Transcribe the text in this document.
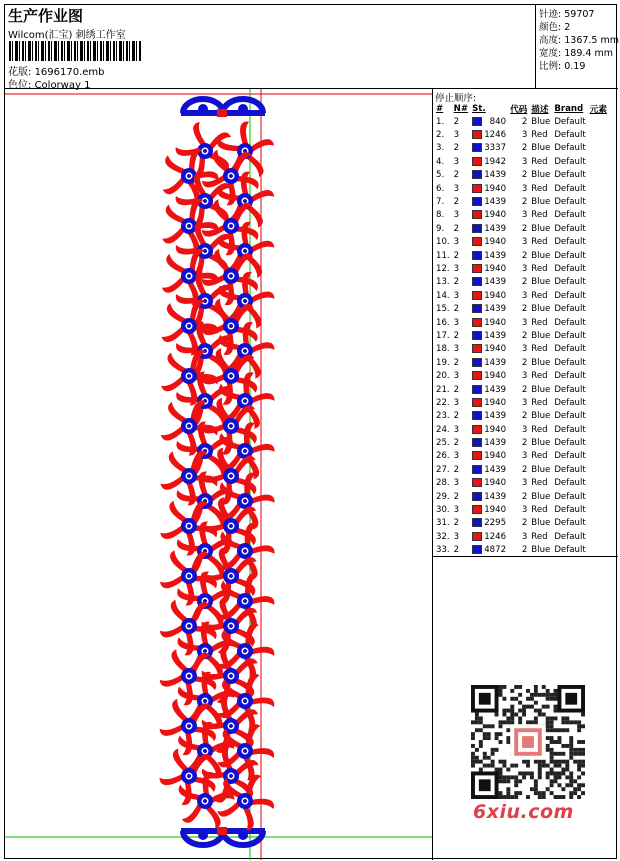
生产作业图
Wilcom(汇宝) 刺绣工作室
花版: 1696170.emb
色位: Colorway 1
针迹: 59707
颜色: 2
高度: 1367.5 mm
宽度: 189.4 mm
比例: 0.19
停止顺序:
#	N#	St.	代码	描述	Brand	元素
1.	2	840	2	Blue	Default	
2.	3	1246	3	Red	Default	
3.	2	3337	2	Blue	Default	
4.	3	1942	3	Red	Default	
5.	2	1439	2	Blue	Default	
6.	3	1940	3	Red	Default	
7.	2	1439	2	Blue	Default	
8.	3	1940	3	Red	Default	
9.	2	1439	2	Blue	Default	
10.	3	1940	3	Red	Default	
11.	2	1439	2	Blue	Default	
12.	3	1940	3	Red	Default	
13.	2	1439	2	Blue	Default	
14.	3	1940	3	Red	Default	
15.	2	1439	2	Blue	Default	
16.	3	1940	3	Red	Default	
17.	2	1439	2	Blue	Default	
18.	3	1940	3	Red	Default	
19.	2	1439	2	Blue	Default	
20.	3	1940	3	Red	Default	
21.	2	1439	2	Blue	Default	
22.	3	1940	3	Red	Default	
23.	2	1439	2	Blue	Default	
24.	3	1940	3	Red	Default	
25.	2	1439	2	Blue	Default	
26.	3	1940	3	Red	Default	
27.	2	1439	2	Blue	Default	
28.	3	1940	3	Red	Default	
29.	2	1439	2	Blue	Default	
30.	3	1940	3	Red	Default	
31.	2	2295	2	Blue	Default	
32.	3	1246	3	Red	Default	
33.	2	4872	2	Blue	Default	
6xiu.com
